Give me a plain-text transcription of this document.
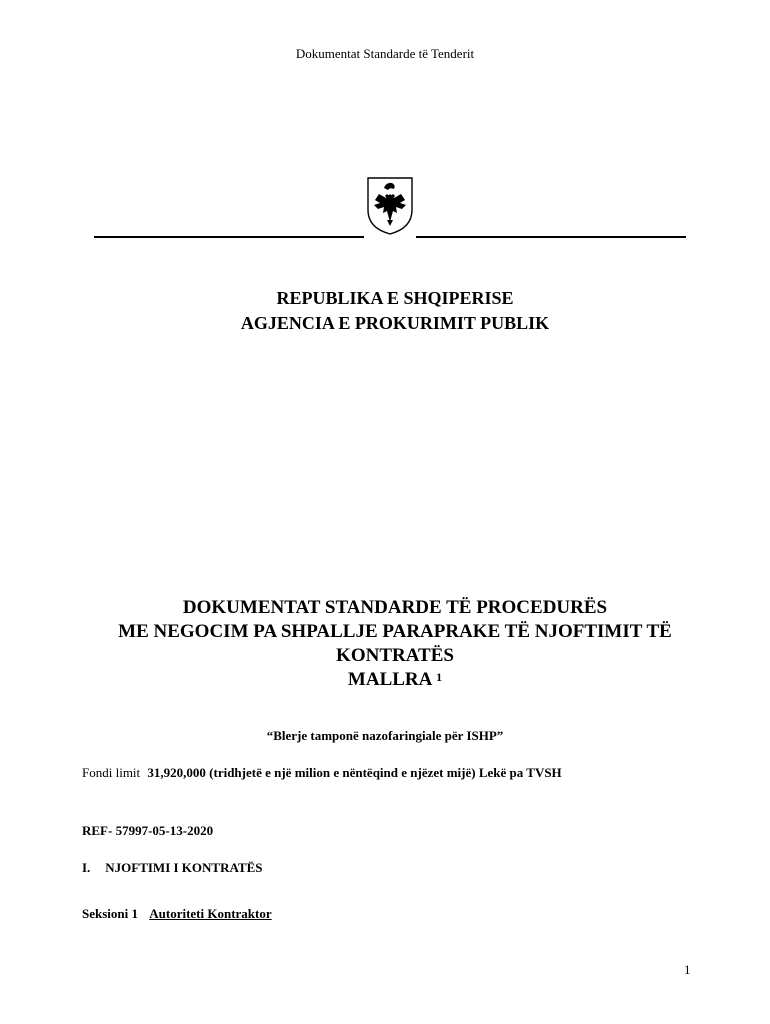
Dokumentat Standarde të Tenderit
REPUBLIKA E SHQIPERISE
AGJENCIA E PROKURIMIT PUBLIK
DOKUMENTAT STANDARDE TË PROCEDURËS
ME NEGOCIM PA SHPALLJE PARAPRAKE TË NJOFTIMIT TË
KONTRATËS
MALLRA $^1$
“Blerje tamponë nazofaringiale për ISHP”
Fondi limit 31,920,000 (tridhjetë e një milion e nëntëqind e njëzet mijë) Lekë pa TVSH
REF- 57997-05-13-2020
I. NJOFTIMI I KONTRATËS
Seksioni 1 Autoriteti Kontraktor
1
